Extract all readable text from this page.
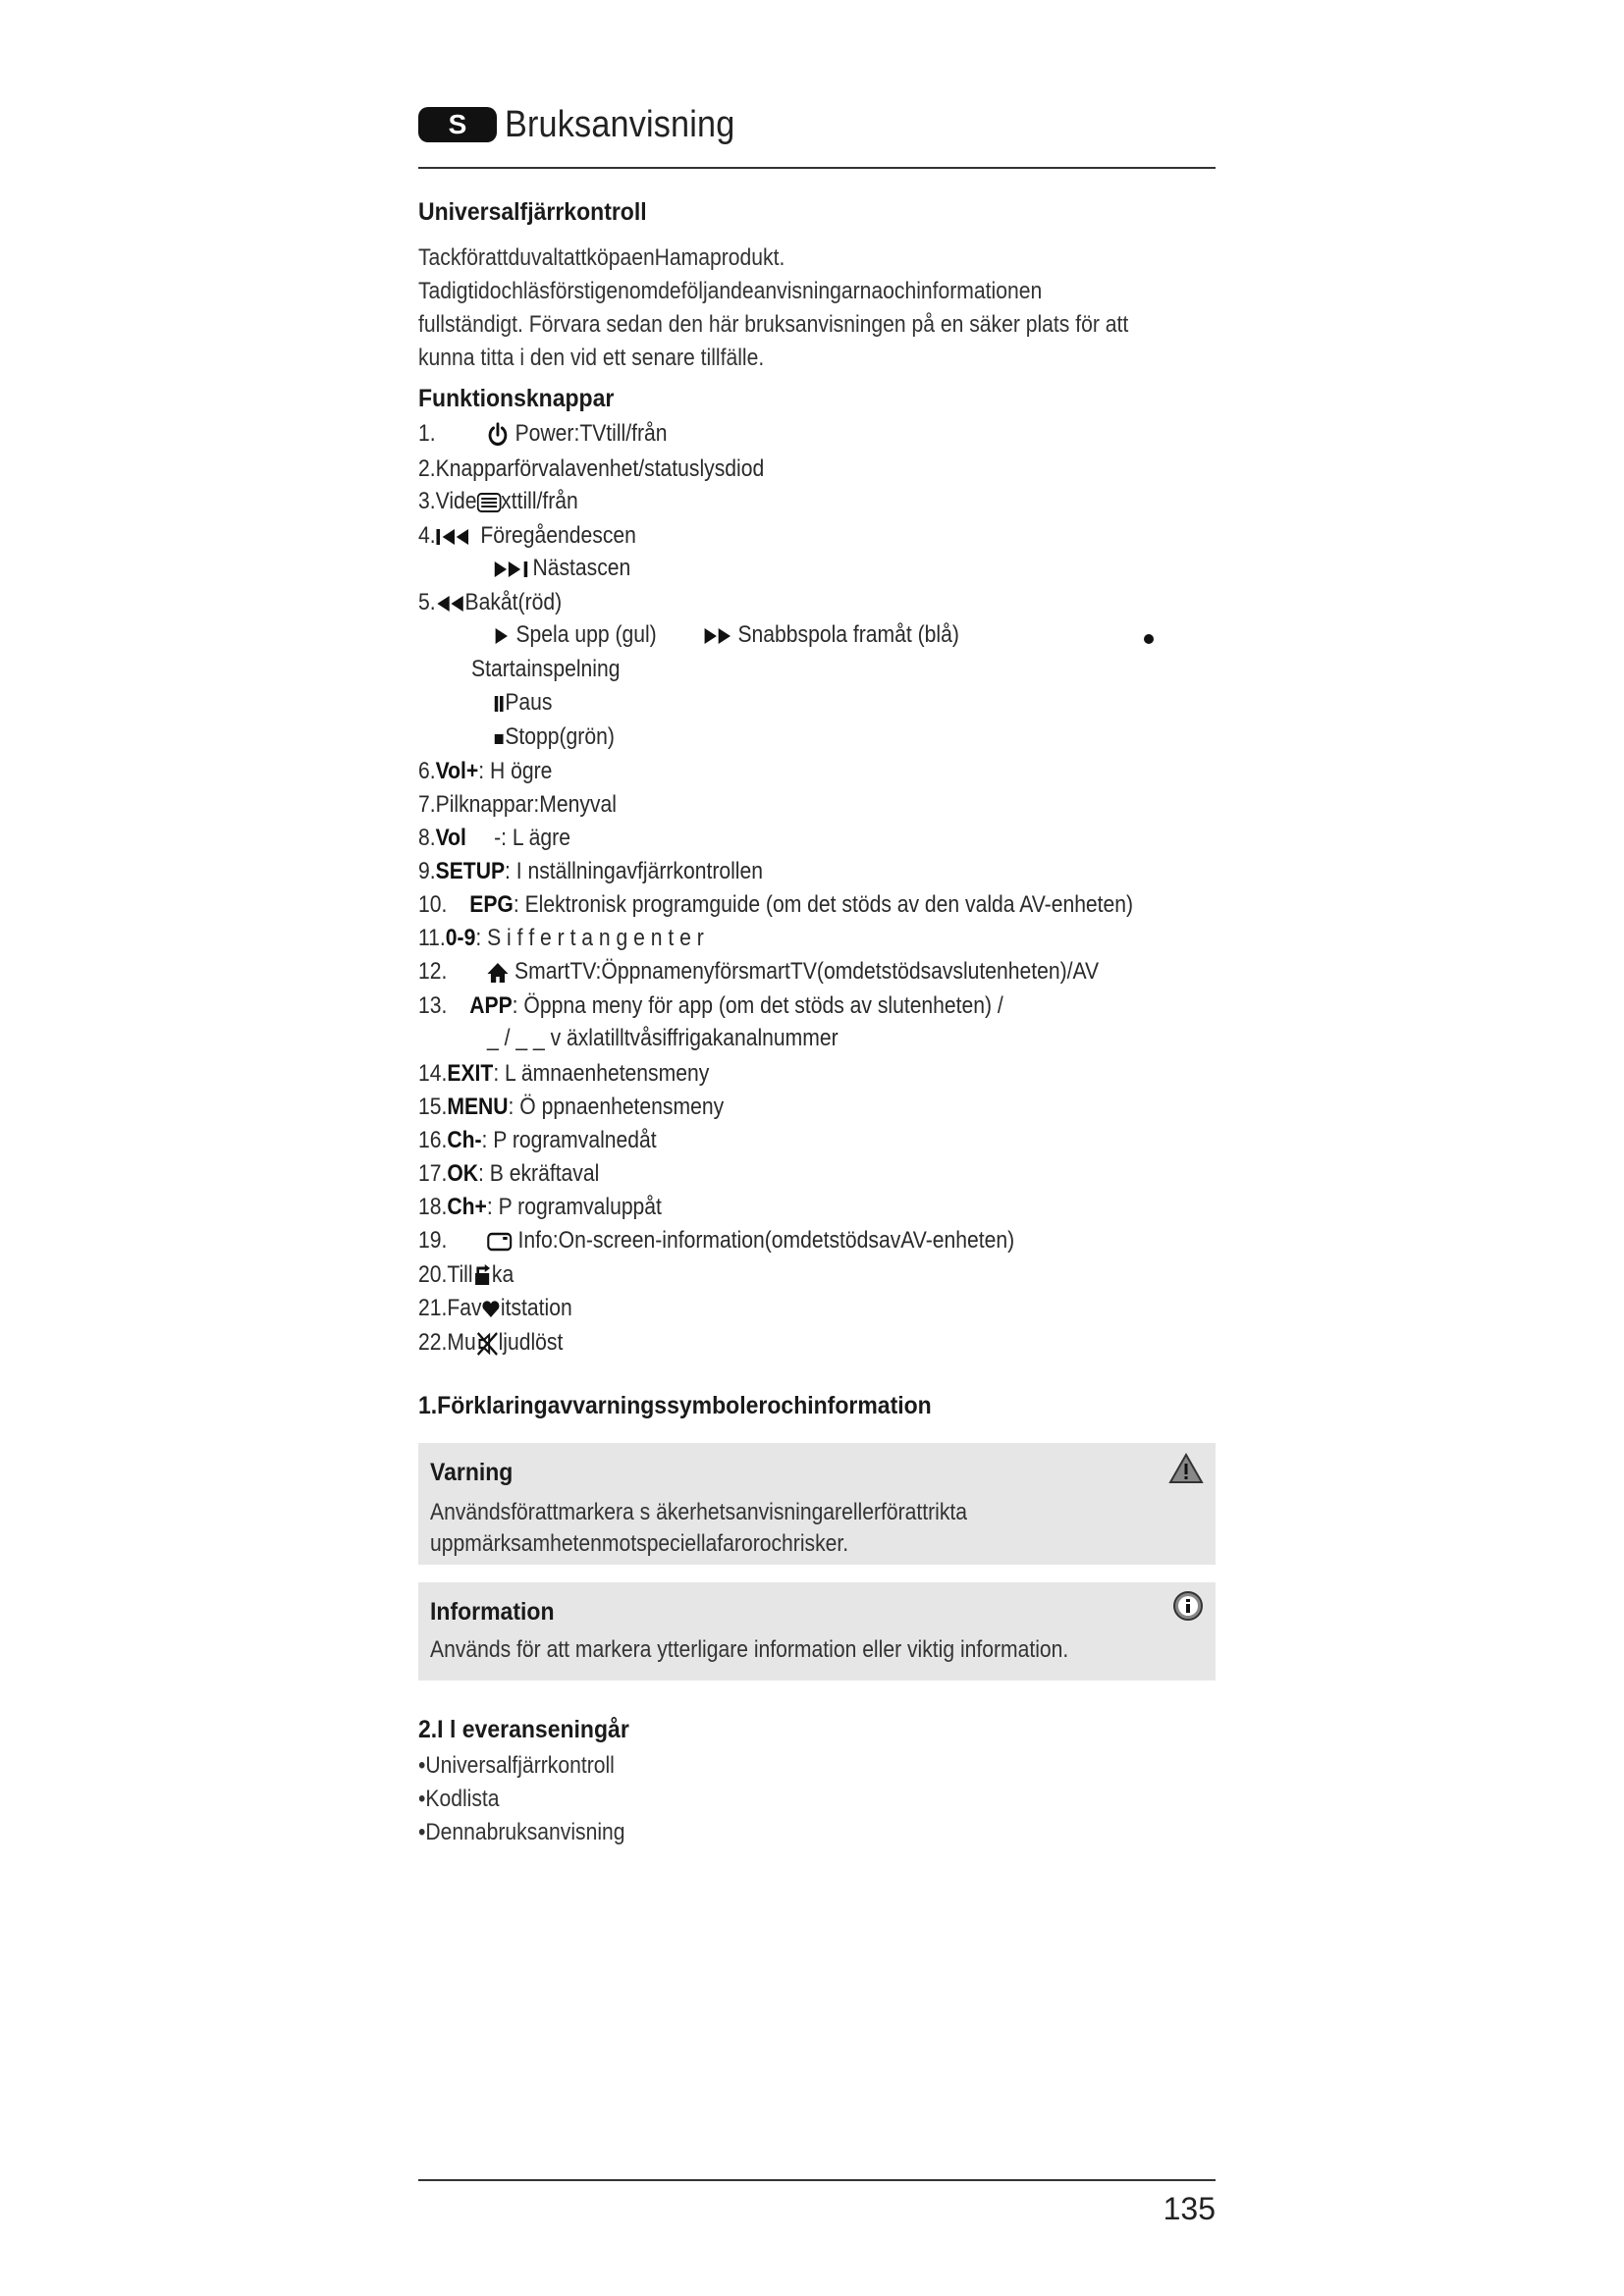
S	Bruksanvisning
Universalfjärrkontroll
TackförattduvaltattköpaenHamaprodukt.
Tadigtidochläsförstigenomdeföljandeanvisningarnaochinformationen
fullständigt. Förvara sedan den här bruksanvisningen på en säker plats för att
kunna titta i den vid ett senare tillfälle.
Funktionsknappar
1.	Power:TVtill/från
2.Knapparförvalavenhet/statuslysdiod
3.Vide xttill/från
4. Föregåendescen
Nästascen
5. Bakåt(röd)
Spela upp (gul)	Snabbspola framåt (blå)
Startainspelning
Paus
Stopp(grön)
6.Vol+: H ögre
7.Pilknappar:Menyval
8.Vol -: L ägre
9.SETUP: I nställningavfjärrkontrollen
10. EPG: Elektronisk programguide (om det stöds av den valda AV-enheten)
11.0-9: S i f f e r t a n g e n t e r
12.	SmartTV:ÖppnamenyförsmartTV(omdetstödsavslutenheten)/AV
13. APP: Öppna meny för app (om det stöds av slutenheten) /
_ / _ _ v äxlatilltvåsiffrigakanalnummer
14.EXIT: L ämnaenhetensmeny
15.MENU: Ö ppnaenhetensmeny
16.Ch-: P rogramvalnedåt
17.OK: B ekräftaval
18.Ch+: P rogramvaluppåt
19.	Info:On-screen-information(omdetstödsavAV-enheten)
20.Till ka
21.Fav itstation
22.Mu ljudlöst
1.Förklaringavvarningssymbolerochinformation
Varning
Användsförattmarkera s äkerhetsanvisningarellerförattrikta
uppmärksamhetenmotspeciellafarorochrisker.
Information
Används för att markera ytterligare information eller viktig information.
2.I l everanseningår
•Universalfjärrkontroll
•Kodlista
•Dennabruksanvisning
135
